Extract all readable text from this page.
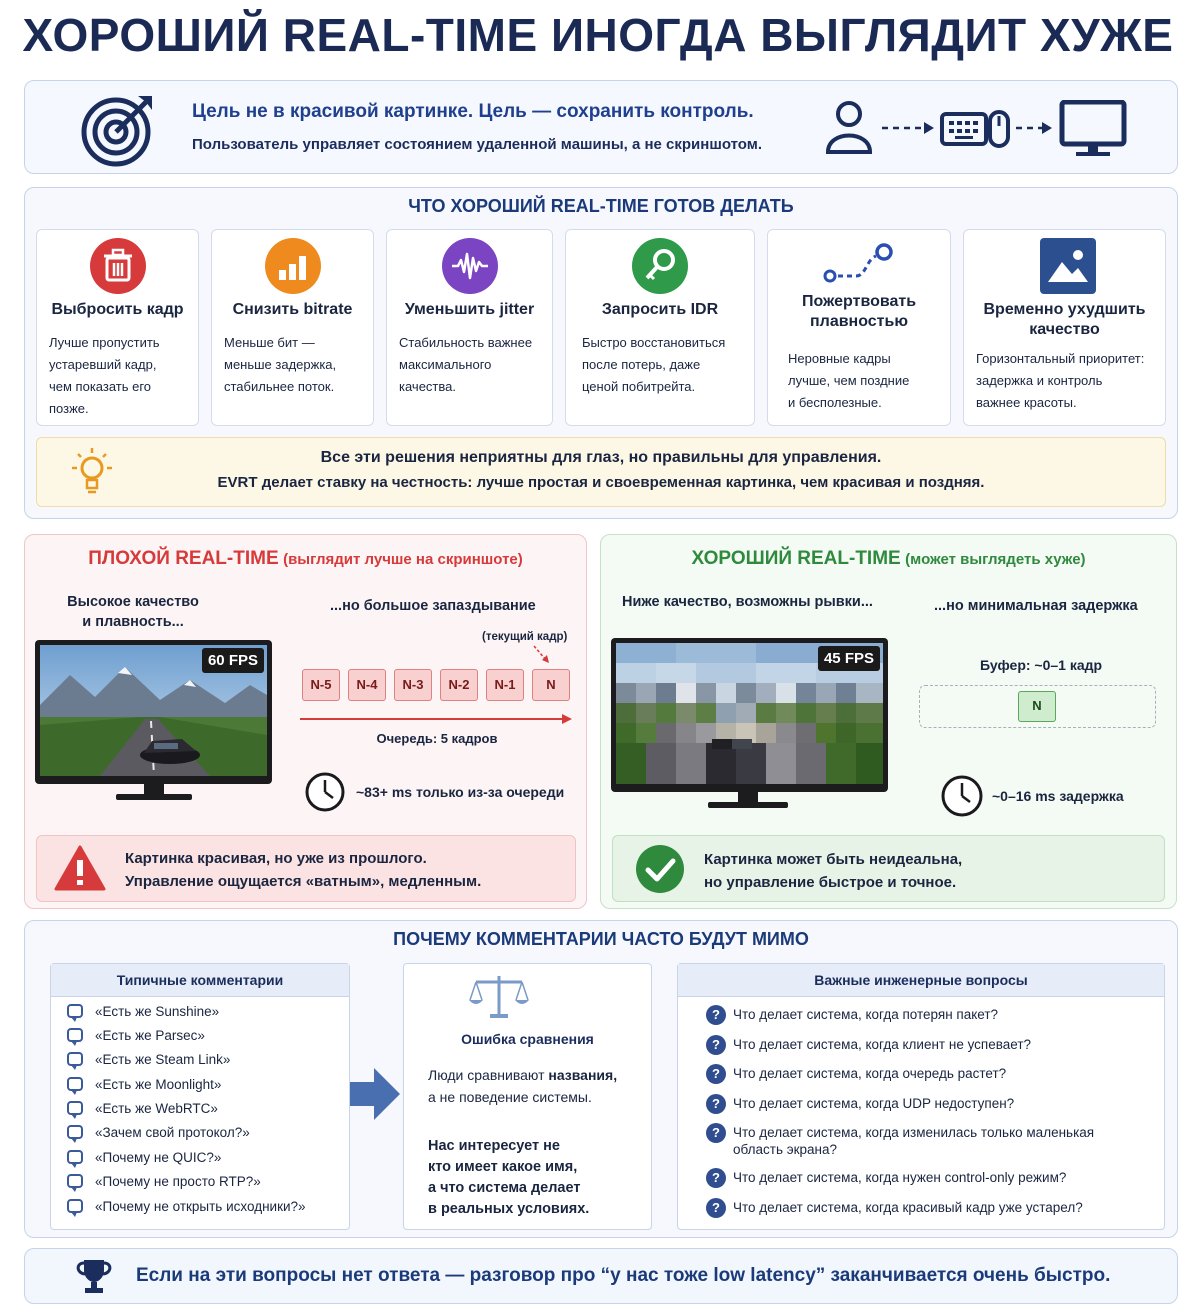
ХОРОШИЙ REAL-TIME ИНОГДА ВЫГЛЯДИТ ХУЖЕ
Цель не в красивой картинке. Цель — сохранить контроль.
Пользователь управляет состоянием удаленной машины, а не скриншотом.
ЧТО ХОРОШИЙ REAL-TIME ГОТОВ ДЕЛАТЬ
Выбросить кадр
Лучше пропустить
устаревший кадр,
чем показать его
позже.
Снизить bitrate
Меньше бит —
меньше задержка,
стабильнее поток.
Уменьшить jitter
Стабильность важнее
максимального
качества.
Запросить IDR
Быстро восстановиться
после потерь, даже
ценой побитрейта.
Пожертвовать
плавностью
Неровные кадры
лучше, чем поздние
и бесполезные.
Временно ухудшить
качество
Горизонтальный приоритет:
задержка и контроль
важнее красоты.
Все эти решения неприятны для глаз, но правильны для управления.
EVRT делает ставку на честность: лучше простая и своевременная картинка, чем красивая и поздняя.
ПЛОХОЙ REAL-TIME (выглядит лучше на скриншоте)
Высокое качество
и плавность...
...но большое запаздывание
60 FPS
(текущий кадр)
N-5	N-4	N-3	N-2	N-1	N
Очередь: 5 кадров
~83+ ms только из-за очереди
Картинка красивая, но уже из прошлого.
Управление ощущается «ватным», медленным.
ХОРОШИЙ REAL-TIME (может выглядеть хуже)
Ниже качество, возможны рывки...	...но минимальная задержка
45 FPS	Буфер: ~0–1 кадр
N
~0–16 ms задержка
Картинка может быть неидеальна,
но управление быстрое и точное.
ПОЧЕМУ КОММЕНТАРИИ ЧАСТО БУДУТ МИМО
Типичные комментарии
«Есть же Sunshine»
«Есть же Parsec»
«Есть же Steam Link»
«Есть же Moonlight»
«Есть же WebRTC»
«Зачем свой протокол?»
«Почему не QUIC?»
«Почему не просто RTP?»
«Почему не открыть исходники?»
Ошибка сравнения
Люди сравнивают названия,
а не поведение системы.
Нас интересует не
кто имеет какое имя,
а что система делает
в реальных условиях.
Важные инженерные вопросы
? Что делает система, когда потерян пакет?
? Что делает система, когда клиент не успевает?
? Что делает система, когда очередь растет?
? Что делает система, когда UDP недоступен?
? Что делает система, когда изменилась только маленькая область экрана?
? Что делает система, когда нужен control-only режим?
? Что делает система, когда красивый кадр уже устарел?
Если на эти вопросы нет ответа — разговор про “у нас тоже low latency” заканчивается очень быстро.
